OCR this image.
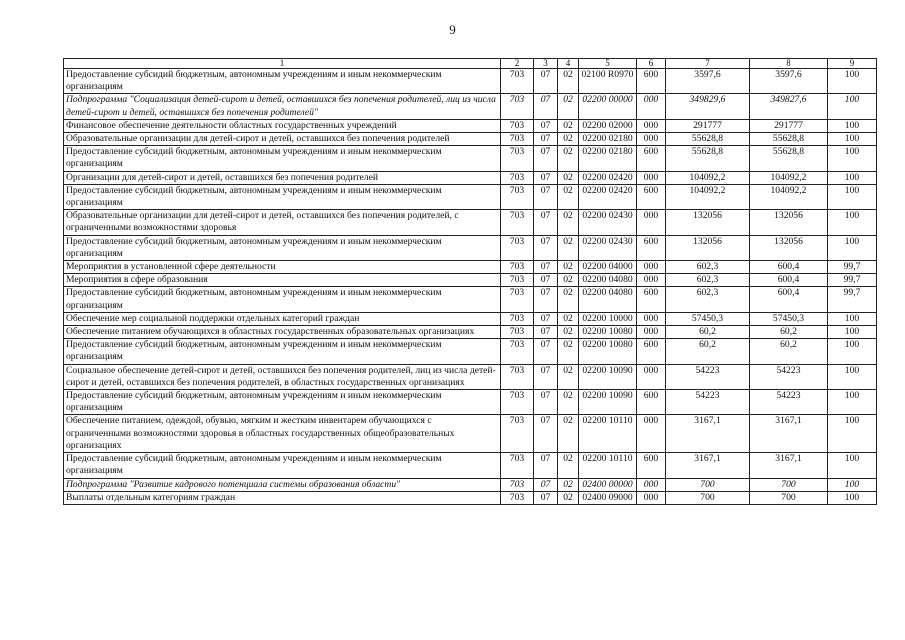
9
1	2	3	4	5	6	7	8	9
Предоставление субсидий бюджетным, автономным учреждениям и иным некоммерческим организациям	703	07	02	02100 R0970	600	3597,6	3597,6	100
Подпрограмма "Социализация детей-сирот и детей, оставшихся без попечения родителей, лиц из числа детей-сирот и детей, оставшихся без попечения родителей"	703	07	02	02200 00000	000	349829,6	349827,6	100
Финансовое обеспечение деятельности областных государственных учреждений	703	07	02	02200 02000	000	291777	291777	100
Образовательные организации для детей-сирот и детей, оставшихся без попечения родителей	703	07	02	02200 02180	000	55628,8	55628,8	100
Предоставление субсидий бюджетным, автономным учреждениям и иным некоммерческим организациям	703	07	02	02200 02180	600	55628,8	55628,8	100
Организации для детей-сирот и детей, оставшихся без попечения родителей	703	07	02	02200 02420	000	104092,2	104092,2	100
Предоставление субсидий бюджетным, автономным учреждениям и иным некоммерческим организациям	703	07	02	02200 02420	600	104092,2	104092,2	100
Образовательные организации для детей-сирот и детей, оставшихся без попечения родителей, с ограниченными возможностями здоровья	703	07	02	02200 02430	000	132056	132056	100
Предоставление субсидий бюджетным, автономным учреждениям и иным некоммерческим организациям	703	07	02	02200 02430	600	132056	132056	100
Мероприятия в установленной сфере деятельности	703	07	02	02200 04000	000	602,3	600,4	99,7
Мероприятия в сфере образования	703	07	02	02200 04080	000	602,3	600,4	99,7
Предоставление субсидий бюджетным, автономным учреждениям и иным некоммерческим организациям	703	07	02	02200 04080	600	602,3	600,4	99,7
Обеспечение мер социальной поддержки отдельных категорий граждан	703	07	02	02200 10000	000	57450,3	57450,3	100
Обеспечение питанием обучающихся в областных государственных образовательных организациях	703	07	02	02200 10080	000	60,2	60,2	100
Предоставление субсидий бюджетным, автономным учреждениям и иным некоммерческим организациям	703	07	02	02200 10080	600	60,2	60,2	100
Социальное обеспечение детей-сирот и детей, оставшихся без попечения родителей, лиц из числа детей-сирот и детей, оставшихся без попечения родителей, в областных государственных организациях	703	07	02	02200 10090	000	54223	54223	100
Предоставление субсидий бюджетным, автономным учреждениям и иным некоммерческим организациям	703	07	02	02200 10090	600	54223	54223	100
Обеспечение питанием, одеждой, обувью, мягким и жестким инвентарем обучающихся с ограниченными возможностями здоровья в областных государственных общеобразовательных организациях	703	07	02	02200 10110	000	3167,1	3167,1	100
Предоставление субсидий бюджетным, автономным учреждениям и иным некоммерческим организациям	703	07	02	02200 10110	600	3167,1	3167,1	100
Подпрограмма "Развитие кадрового потенциала системы образования области"	703	07	02	02400 00000	000	700	700	100
Выплаты отдельным категориям граждан	703	07	02	02400 09000	000	700	700	100
